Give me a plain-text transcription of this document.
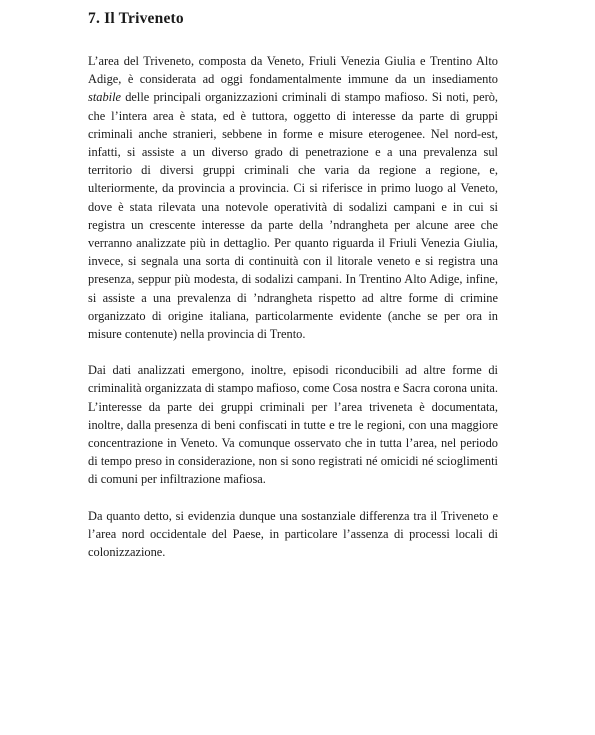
7. Il Triveneto

L’area del Triveneto, composta da Veneto, Friuli Venezia Giulia e Trentino Alto Adige, è considerata ad oggi fondamentalmente immune da un insediamento stabile delle principali organizzazioni criminali di stampo mafioso. Si noti, però, che l’intera area è stata, ed è tuttora, oggetto di interesse da parte di gruppi criminali anche stranieri, sebbene in forme e misure eterogenee. Nel nord-est, infatti, si assiste a un diverso grado di penetrazione e a una prevalenza sul territorio di diversi gruppi criminali che varia da regione a regione, e, ulteriormente, da provincia a provincia. Ci si riferisce in primo luogo al Veneto, dove è stata rilevata una notevole operatività di sodalizi campani e in cui si registra un crescente interesse da parte della ’ndrangheta per alcune aree che verranno analizzate più in dettaglio. Per quanto riguarda il Friuli Venezia Giulia, invece, si segnala una sorta di continuità con il litorale veneto e si registra una presenza, seppur più modesta, di sodalizi campani. In Trentino Alto Adige, infine, si assiste a una prevalenza di ’ndrangheta rispetto ad altre forme di crimine organizzato di origine italiana, particolarmente evidente (anche se per ora in misure contenute) nella provincia di Trento.

Dai dati analizzati emergono, inoltre, episodi riconducibili ad altre forme di criminalità organizzata di stampo mafioso, come Cosa nostra e Sacra corona unita. L’interesse da parte dei gruppi criminali per l’area triveneta è documentata, inoltre, dalla presenza di beni confiscati in tutte e tre le regioni, con una maggiore concentrazione in Veneto. Va comunque osservato che in tutta l’area, nel periodo di tempo preso in considerazione, non si sono registrati né omicidi né scioglimenti di comuni per infiltrazione mafiosa.

Da quanto detto, si evidenzia dunque una sostanziale differenza tra il Triveneto e l’area nord occidentale del Paese, in particolare l’assenza di processi locali di colonizzazione.
